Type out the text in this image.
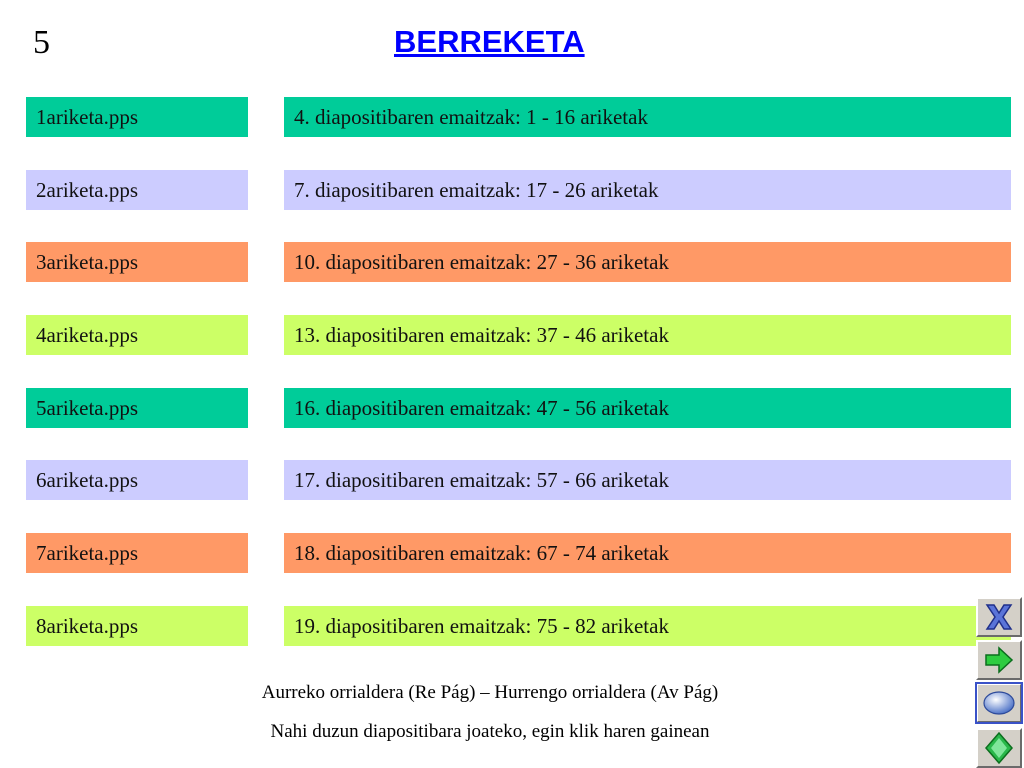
5	BERREKETA
1ariketa.pps	4. diapositibaren emaitzak: 1 - 16 ariketak
2ariketa.pps	7. diapositibaren emaitzak: 17 - 26 ariketak
3ariketa.pps	10. diapositibaren emaitzak: 27 - 36 ariketak
4ariketa.pps	13. diapositibaren emaitzak: 37 - 46 ariketak
5ariketa.pps	16. diapositibaren emaitzak: 47 - 56 ariketak
6ariketa.pps	17. diapositibaren emaitzak: 57 - 66 ariketak
7ariketa.pps	18. diapositibaren emaitzak: 67 - 74 ariketak
8ariketa.pps	19. diapositibaren emaitzak: 75 - 82 ariketak
Aurreko orrialdera (Re Pág) – Hurrengo orrialdera (Av Pág)
Nahi duzun diapositibara joateko, egin klik haren gainean
